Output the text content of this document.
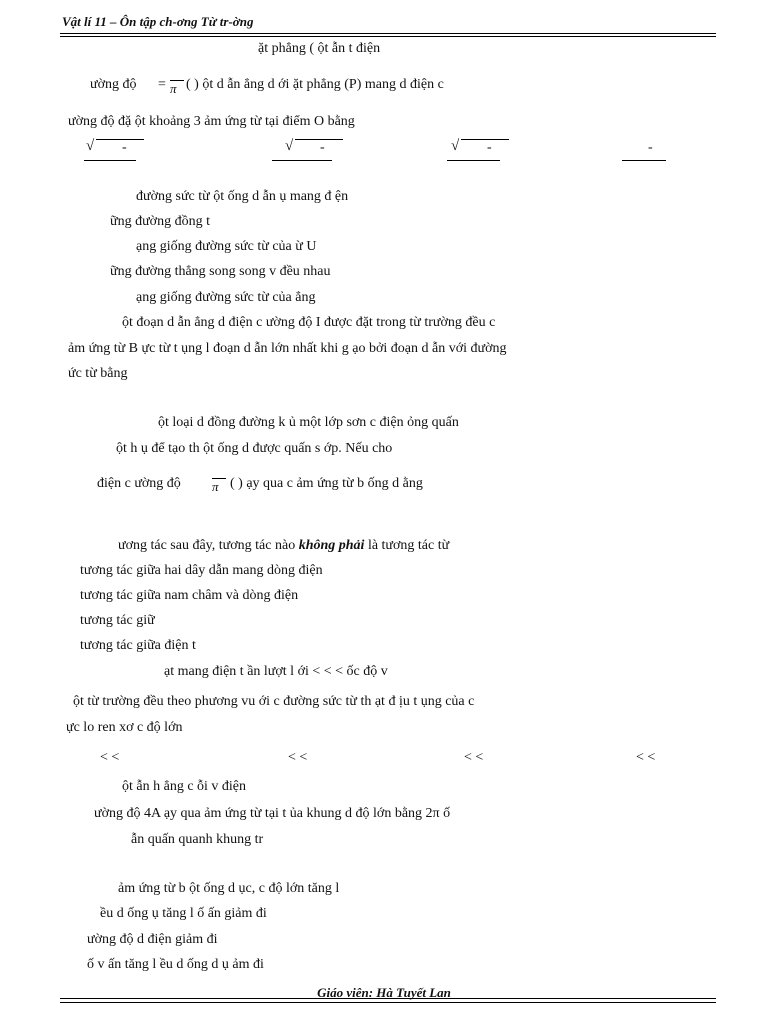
Vật lí 11 – Ôn tập ch-ơng Từ tr-ờng
ặt phẳng ( ột ẫn t điện
ường độ = π ( ) ột d ẫn ẳng d ới ặt phẳng (P) mang d điện c
ường độ đặ ột khoảng 3 ảm ứng từ tại điểm O bằng
√ -	√ -	√ -	-
đường sức từ ột ống d ẫn ụ mang đ ện
ững đường đồng t
ạng giống đường sức từ của ừ U
ững đường thẳng song song v đều nhau
ạng giống đường sức từ của ẳng
ột đoạn d ẫn ẳng d điện c ường độ I được đặt trong từ trường đều c
ảm ứng từ B ực từ t ụng l đoạn d ẫn lớn nhất khi g ạo bởi đoạn d ẫn với đường
ức từ bằng
ột loại d đồng đường k ủ một lớp sơn c điện ỏng quấn
ột h ụ để tạo th ột ống d được quấn s ớp. Nếu cho
điện c ường độ π ( ) ạy qua c ảm ứng từ b ống d ằng
ương tác sau đây, tương tác nào không phải là tương tác từ
tương tác giữa hai dây dẫn mang dòng điện
tương tác giữa nam châm và dòng điện
tương tác giữ
tương tác giữa điện t
ạt mang điện t ần lượt l ới < < < ốc độ v
ột từ trường đều theo phương vu ới c đường sức từ th ạt đ ịu t ụng của c
ực lo ren xơ c độ lớn
< <	< <	< <	< <
ột ẫn h ẳng c ỗi v điện
ường độ 4A ạy qua ảm ứng từ tại t ủa khung d độ lớn bằng 2π ố
ẫn quấn quanh khung tr
ảm ứng từ b ột ống d ục, c độ lớn tăng l
ều d ống ụ tăng l ố ấn giảm đi
ường độ d điện giảm đi
ố v ấn tăng l ều d ống d ụ ảm đi
Giáo viên: Hà Tuyết Lan
